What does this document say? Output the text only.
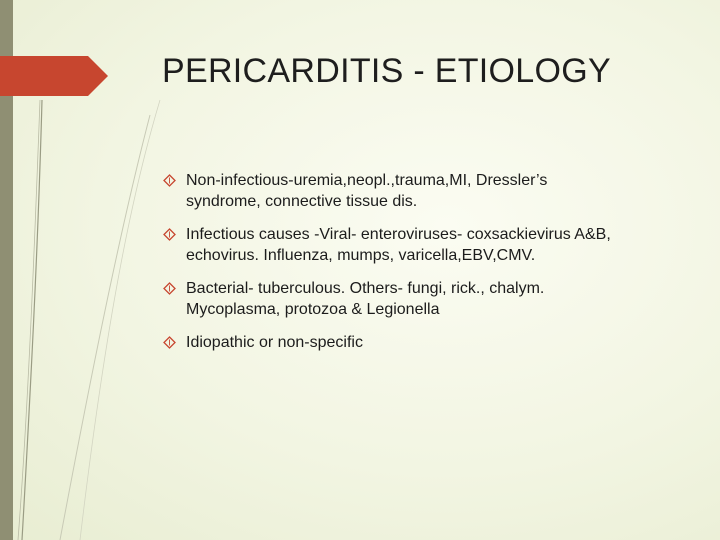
PERICARDITIS - ETIOLOGY
Non-infectious-uremia,neopl.,trauma,MI, Dressler’s
syndrome, connective tissue dis.
Infectious causes -Viral- enteroviruses- coxsackievirus A&B,
echovirus. Influenza, mumps, varicella,EBV,CMV.
Bacterial- tuberculous. Others- fungi, rick., chalym.
Mycoplasma, protozoa & Legionella
Idiopathic or non-specific
